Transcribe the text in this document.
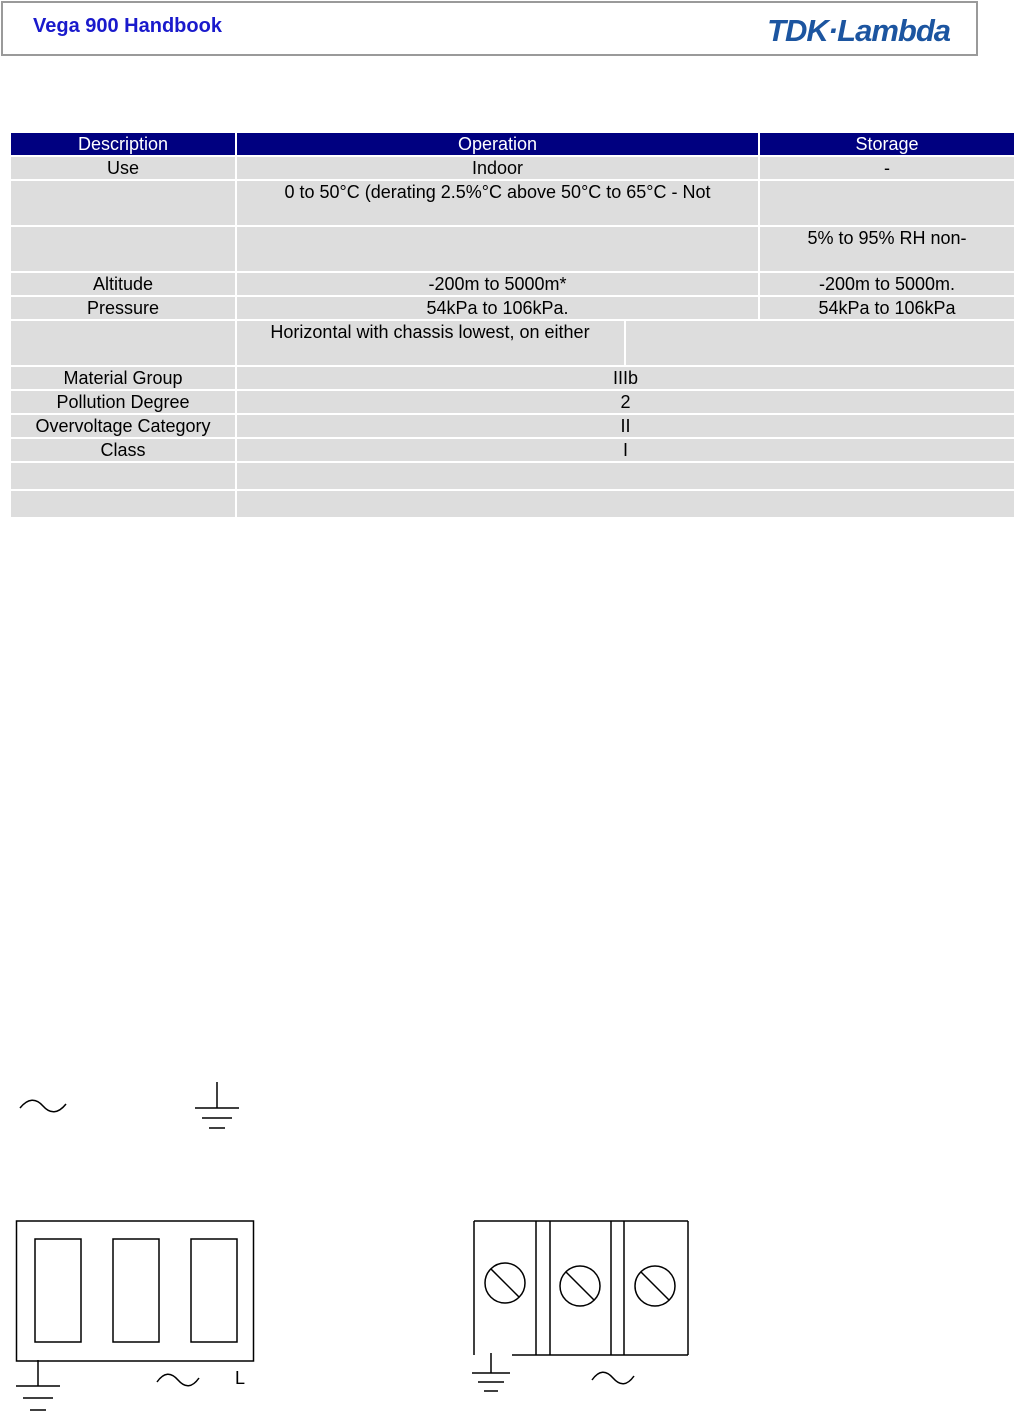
Vega 900 Handbook	TDK·Lambda
Description	Operation	Storage
Use	Indoor	-
	0 to 50°C (derating 2.5%°C above 50°C to 65°C - Not	
		5% to 95% RH non-
Altitude	-200m to 5000m*	-200m to 5000m.
Pressure	54kPa to 106kPa.	54kPa to 106kPa

	Horizontal with chassis lowest, on either	

Material Group	IIIb	
Pollution Degree	2	
Overvoltage Category	II	
Class	I	

L
